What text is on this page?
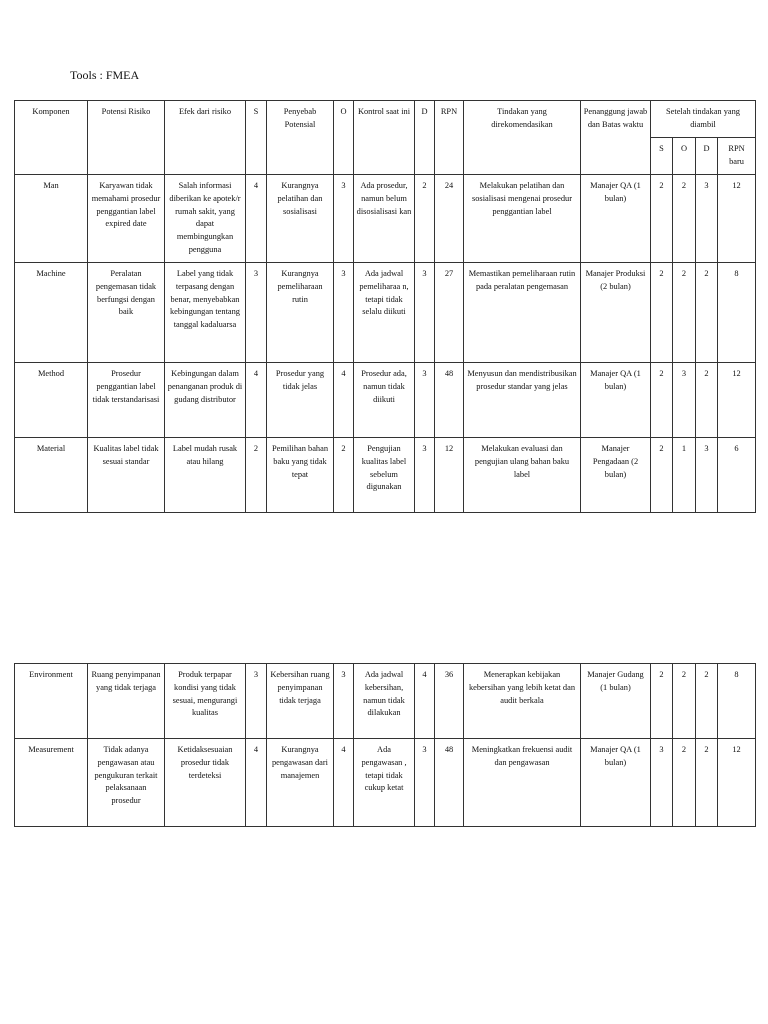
Tools : FMEA
Komponen	Potensi Risiko	Efek dari risiko	S	Penyebab Potensial	O	Kontrol saat ini	D	RPN	Tindakan yang direkomendasikan	Penanggung jawab dan Batas waktu	Setelah tindakan yang diambil			
											S	O	D	RPN baru
Man	Karyawan tidak memahami prosedur penggantian label expired date	Salah informasi diberikan ke apotek/r rumah sakit, yang dapat membingungkan pengguna	4	Kurangnya pelatihan dan sosialisasi	3	Ada prosedur, namun belum disosialisasi kan	2	24	Melakukan pelatihan dan sosialisasi mengenai prosedur penggantian label	Manajer QA (1 bulan)	2	2	3	12
Machine	Peralatan pengemasan tidak berfungsi dengan baik	Label yang tidak terpasang dengan benar, menyebabkan kebingungan tentang tanggal kadaluarsa	3	Kurangnya pemeliharaan rutin	3	Ada jadwal pemeliharaa n, tetapi tidak selalu diikuti	3	27	Memastikan pemeliharaan rutin pada peralatan pengemasan	Manajer Produksi (2 bulan)	2	2	2	8
Method	Prosedur penggantian label tidak terstandarisasi	Kebingungan dalam penanganan produk di gudang distributor	4	Prosedur yang tidak jelas	4	Prosedur ada, namun tidak diikuti	3	48	Menyusun dan mendistribusikan prosedur standar yang jelas	Manajer QA (1 bulan)	2	3	2	12
Material	Kualitas label tidak sesuai standar	Label mudah rusak atau hilang	2	Pemilihan bahan baku yang tidak tepat	2	Pengujian kualitas label sebelum digunakan	3	12	Melakukan evaluasi dan pengujian ulang bahan baku label	Manajer Pengadaan (2 bulan)	2	1	3	6
Environment	Ruang penyimpanan yang tidak terjaga	Produk terpapar kondisi yang tidak sesuai, mengurangi kualitas	3	Kebersihan ruang penyimpanan tidak terjaga	3	Ada jadwal kebersihan, namun tidak dilakukan	4	36	Menerapkan kebijakan kebersihan yang lebih ketat dan audit berkala	Manajer Gudang (1 bulan)	2	2	2	8
Measurement	Tidak adanya pengawasan atau pengukuran terkait pelaksanaan prosedur	Ketidaksesuaian prosedur tidak terdeteksi	4	Kurangnya pengawasan dari manajemen	4	Ada pengawasan , tetapi tidak cukup ketat	3	48	Meningkatkan frekuensi audit dan pengawasan	Manajer QA (1 bulan)	3	2	2	12
